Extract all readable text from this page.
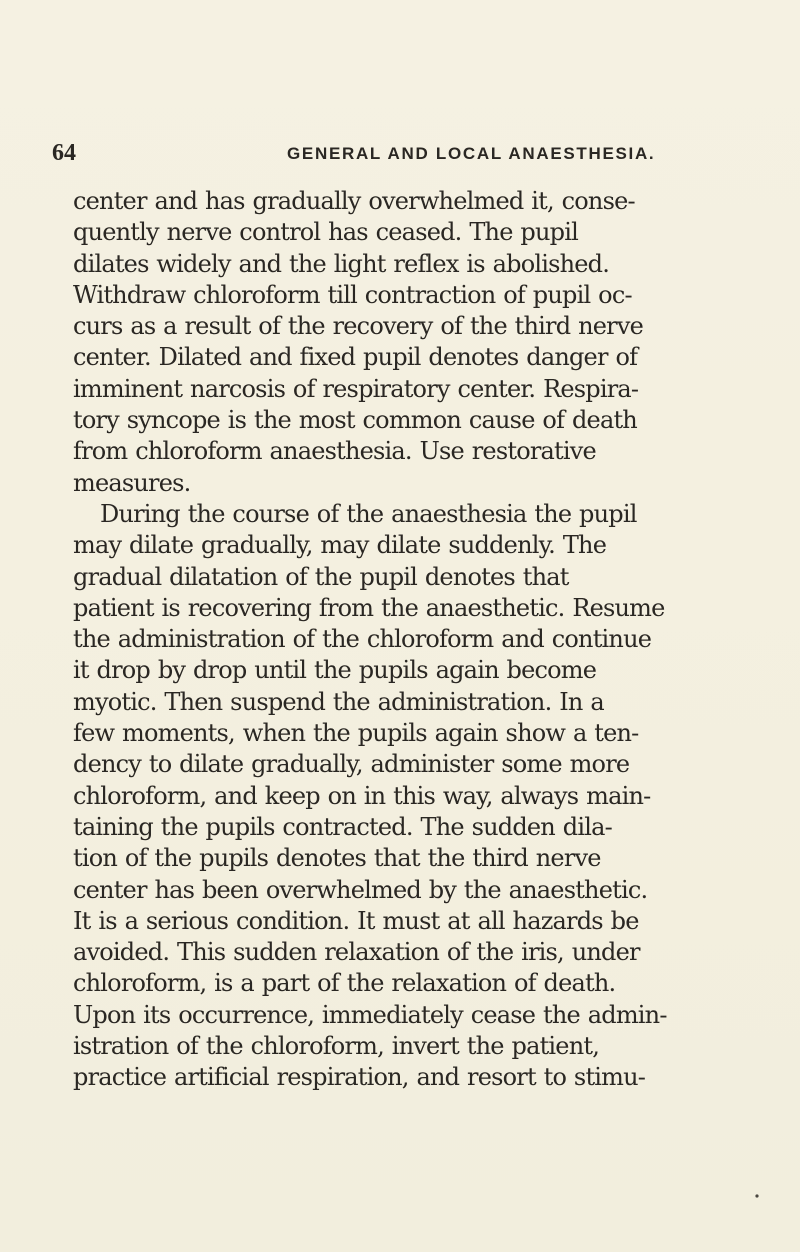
64	GENERAL AND LOCAL ANAESTHESIA.
center and has gradually overwhelmed it, conse-
quently nerve control has ceased. The pupil
dilates widely and the light reflex is abolished.
Withdraw chloroform till contraction of pupil oc-
curs as a result of the recovery of the third nerve
center. Dilated and fixed pupil denotes danger of
imminent narcosis of respiratory center. Respira-
tory syncope is the most common cause of death
from chloroform anaesthesia. Use restorative
measures.
During the course of the anaesthesia the pupil
may dilate gradually, may dilate suddenly. The
gradual dilatation of the pupil denotes that
patient is recovering from the anaesthetic. Resume
the administration of the chloroform and continue
it drop by drop until the pupils again become
myotic. Then suspend the administration. In a
few moments, when the pupils again show a ten-
dency to dilate gradually, administer some more
chloroform, and keep on in this way, always main-
taining the pupils contracted. The sudden dila-
tion of the pupils denotes that the third nerve
center has been overwhelmed by the anaesthetic.
It is a serious condition. It must at all hazards be
avoided. This sudden relaxation of the iris, under
chloroform, is a part of the relaxation of death.
Upon its occurrence, immediately cease the admin-
istration of the chloroform, invert the patient,
practice artificial respiration, and resort to stimu-
